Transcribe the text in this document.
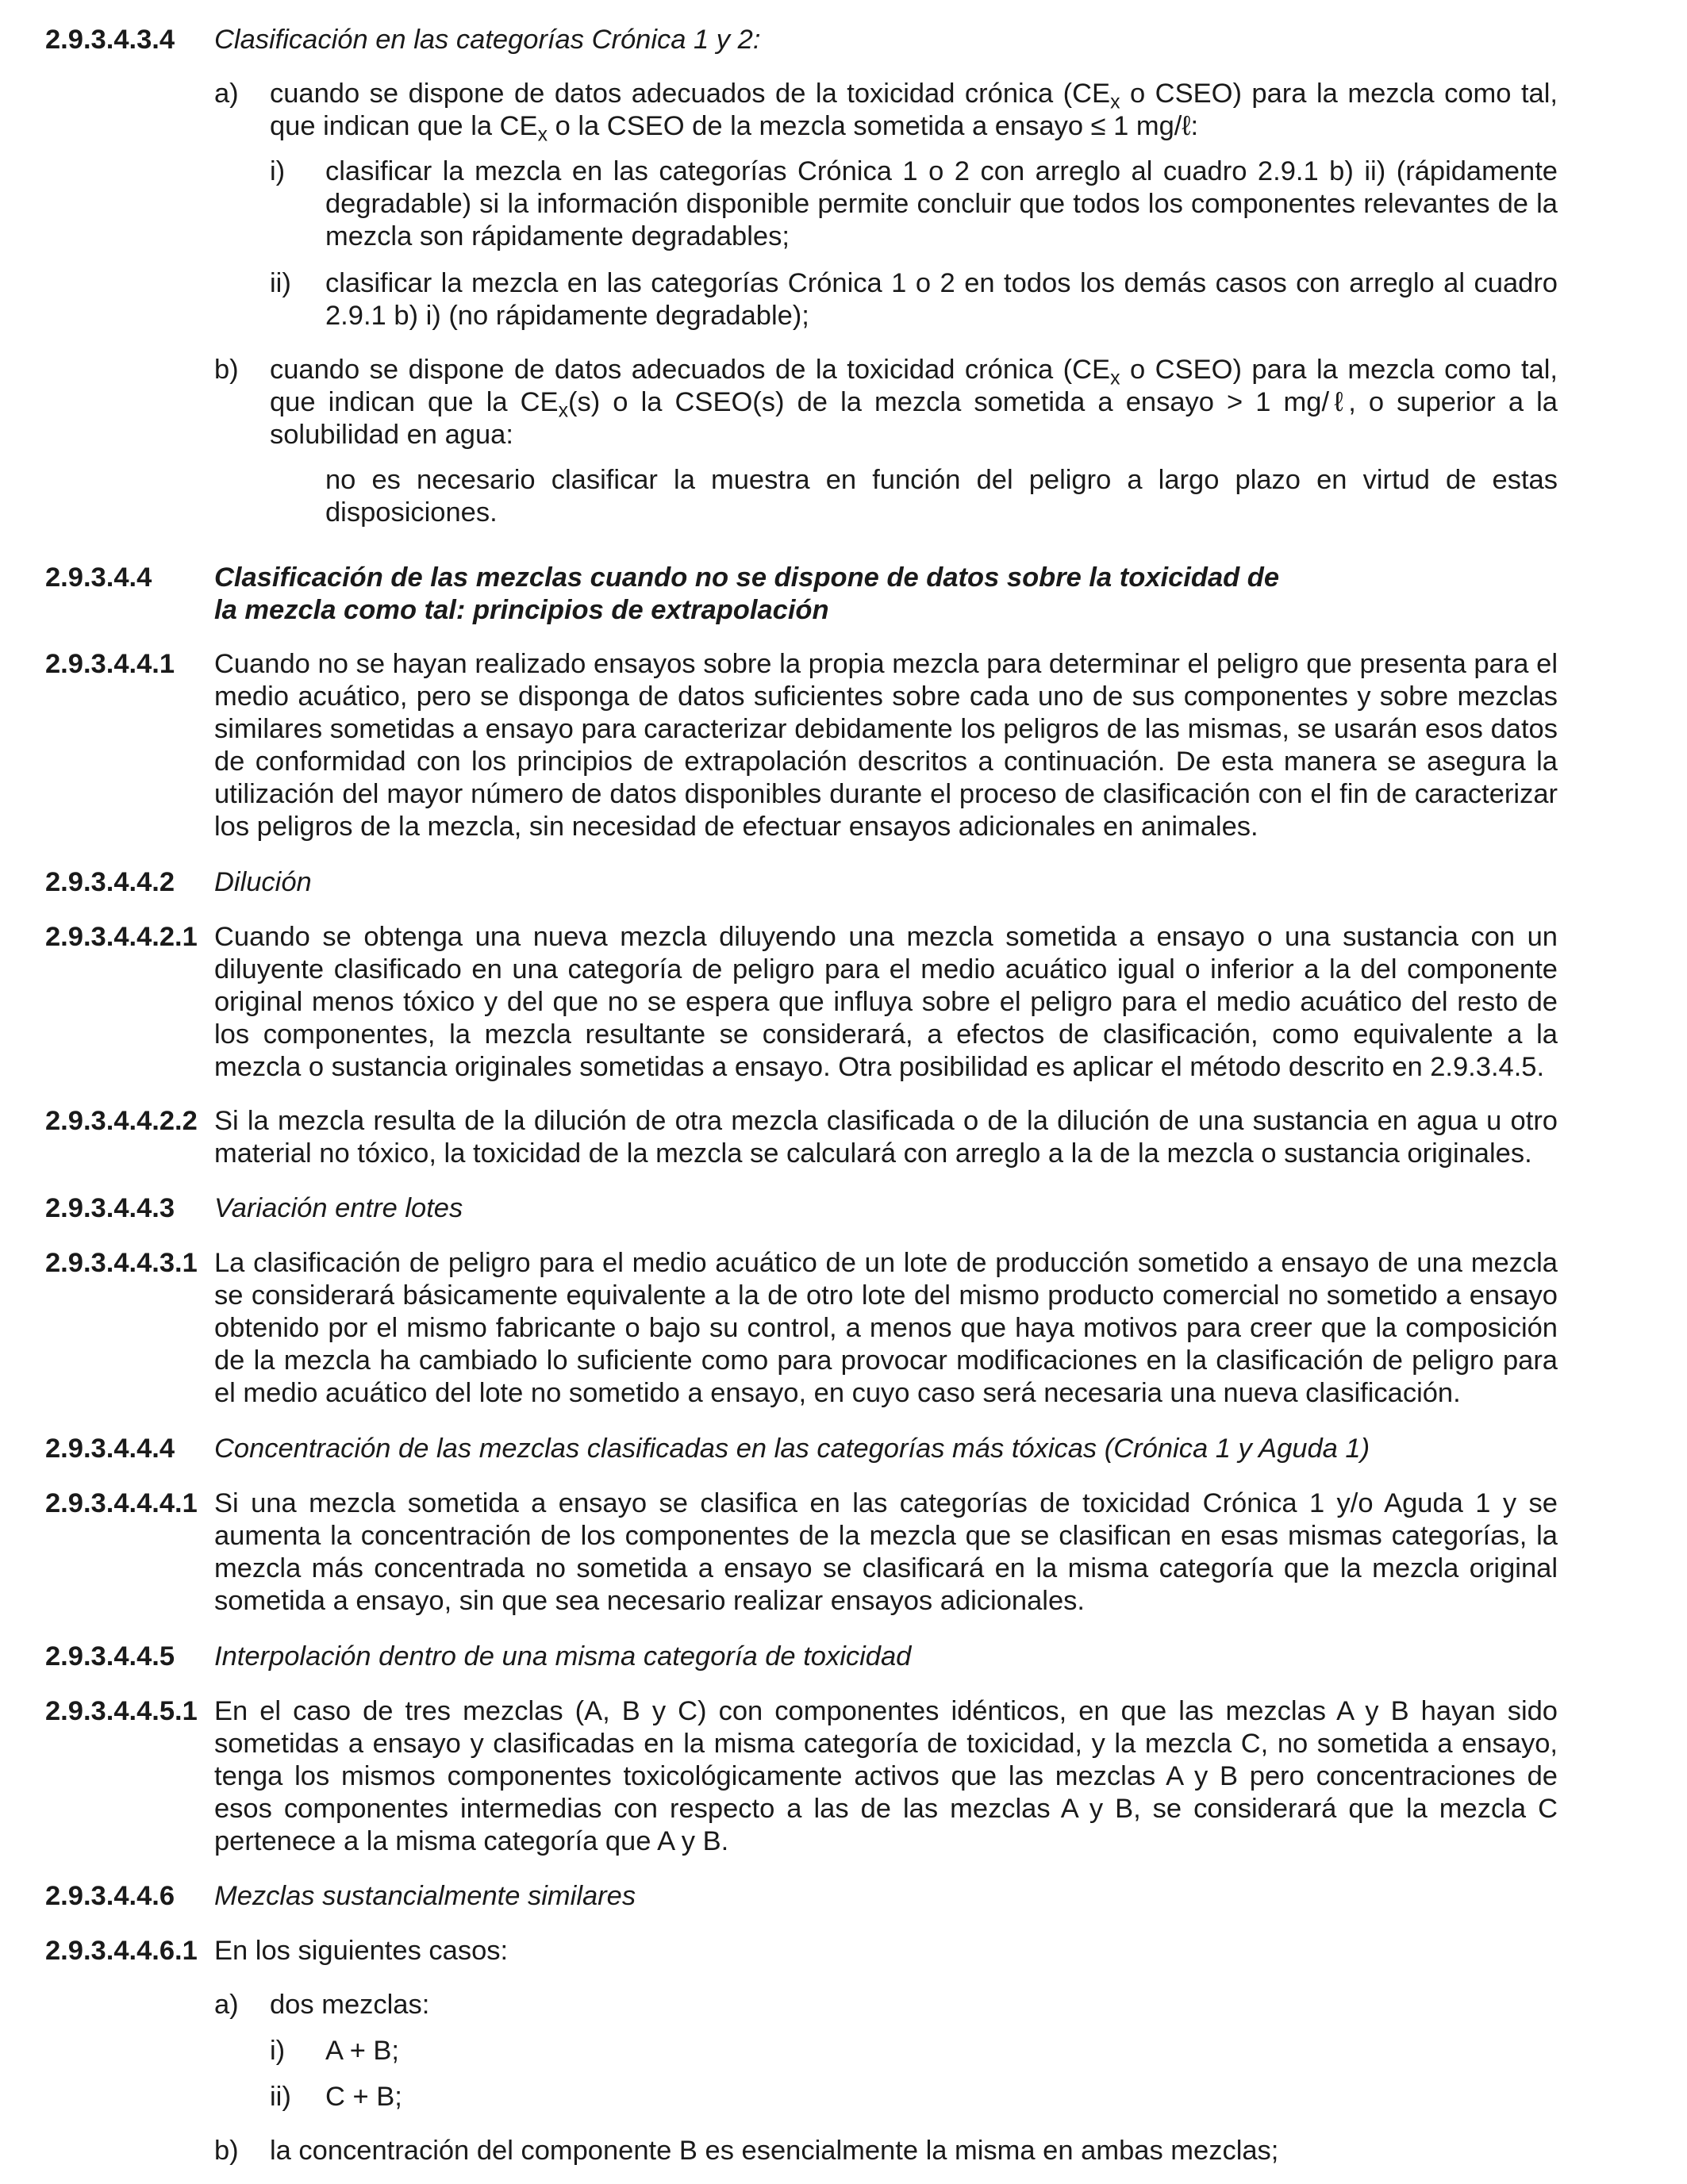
2.9.3.4.3.4 Clasificación en las categorías Crónica 1 y 2:
a) cuando se dispone de datos adecuados de la toxicidad crónica ($CE_x$ o CSEO) para la mezcla como tal, que indican que la $CE_x$ o la CSEO de la mezcla sometida a ensayo ≤ 1 mg/ℓ:
i) clasificar la mezcla en las categorías Crónica 1 o 2 con arreglo al cuadro 2.9.1 b) ii) (rápidamente degradable) si la información disponible permite concluir que todos los componentes relevantes de la mezcla son rápidamente degradables;
ii) clasificar la mezcla en las categorías Crónica 1 o 2 en todos los demás casos con arreglo al cuadro 2.9.1 b) i) (no rápidamente degradable);
b) cuando se dispone de datos adecuados de la toxicidad crónica ($CE_x$ o CSEO) para la mezcla como tal, que indican que la $CE_x(s)$ o la CSEO(s) de la mezcla sometida a ensayo > 1 mg/ℓ, o superior a la solubilidad en agua:
no es necesario clasificar la muestra en función del peligro a largo plazo en virtud de estas disposiciones.
2.9.3.4.4 Clasificación de las mezclas cuando no se dispone de datos sobre la toxicidad de
la mezcla como tal: principios de extrapolación
2.9.3.4.4.1 Cuando no se hayan realizado ensayos sobre la propia mezcla para determinar el peligro que presenta para el medio acuático, pero se disponga de datos suficientes sobre cada uno de sus componentes y sobre mezclas similares sometidas a ensayo para caracterizar debidamente los peligros de las mismas, se usarán esos datos de conformidad con los principios de extrapolación descritos a continuación. De esta manera se asegura la utilización del mayor número de datos disponibles durante el proceso de clasificación con el fin de caracterizar los peligros de la mezcla, sin necesidad de efectuar ensayos adicionales en animales.
2.9.3.4.4.2 Dilución
2.9.3.4.4.2.1 Cuando se obtenga una nueva mezcla diluyendo una mezcla sometida a ensayo o una sustancia con un diluyente clasificado en una categoría de peligro para el medio acuático igual o inferior a la del componente original menos tóxico y del que no se espera que influya sobre el peligro para el medio acuático del resto de los componentes, la mezcla resultante se considerará, a efectos de clasificación, como equivalente a la mezcla o sustancia originales sometidas a ensayo. Otra posibilidad es aplicar el método descrito en 2.9.3.4.5.
2.9.3.4.4.2.2 Si la mezcla resulta de la dilución de otra mezcla clasificada o de la dilución de una sustancia en agua u otro material no tóxico, la toxicidad de la mezcla se calculará con arreglo a la de la mezcla o sustancia originales.
2.9.3.4.4.3 Variación entre lotes
2.9.3.4.4.3.1 La clasificación de peligro para el medio acuático de un lote de producción sometido a ensayo de una mezcla se considerará básicamente equivalente a la de otro lote del mismo producto comercial no sometido a ensayo obtenido por el mismo fabricante o bajo su control, a menos que haya motivos para creer que la composición de la mezcla ha cambiado lo suficiente como para provocar modificaciones en la clasificación de peligro para el medio acuático del lote no sometido a ensayo, en cuyo caso será necesaria una nueva clasificación.
2.9.3.4.4.4 Concentración de las mezclas clasificadas en las categorías más tóxicas (Crónica 1 y Aguda 1)
2.9.3.4.4.4.1 Si una mezcla sometida a ensayo se clasifica en las categorías de toxicidad Crónica 1 y/o Aguda 1 y se aumenta la concentración de los componentes de la mezcla que se clasifican en esas mismas categorías, la mezcla más concentrada no sometida a ensayo se clasificará en la misma categoría que la mezcla original sometida a ensayo, sin que sea necesario realizar ensayos adicionales.
2.9.3.4.4.5 Interpolación dentro de una misma categoría de toxicidad
2.9.3.4.4.5.1 En el caso de tres mezclas (A, B y C) con componentes idénticos, en que las mezclas A y B hayan sido sometidas a ensayo y clasificadas en la misma categoría de toxicidad, y la mezcla C, no sometida a ensayo, tenga los mismos componentes toxicológicamente activos que las mezclas A y B pero concentraciones de esos componentes intermedias con respecto a las de las mezclas A y B, se considerará que la mezcla C pertenece a la misma categoría que A y B.
2.9.3.4.4.6 Mezclas sustancialmente similares
2.9.3.4.4.6.1 En los siguientes casos:
a) dos mezclas:
i) A + B;
ii) C + B;
b) la concentración del componente B es esencialmente la misma en ambas mezclas;
